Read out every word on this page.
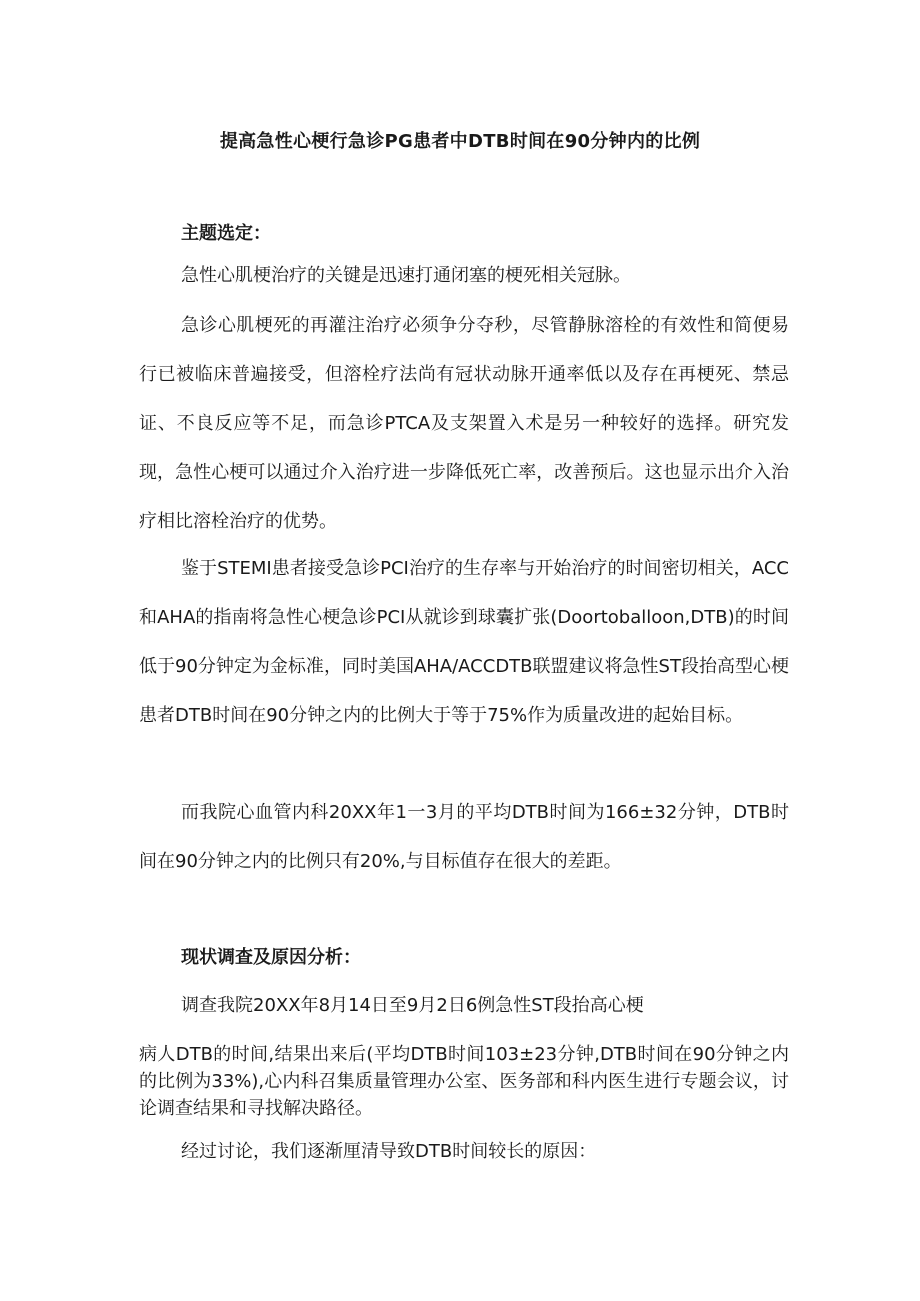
提高急性心梗行急诊PG患者中DTB时间在90分钟内的比例
主题选定：

急性心肌梗治疗的关键是迅速打通闭塞的梗死相关冠脉。

急诊心肌梗死的再灌注治疗必须争分夺秒，尽管静脉溶栓的有效性和简便易行已被临床普遍接受，但溶栓疗法尚有冠状动脉开通率低以及存在再梗死、禁忌证、不良反应等不足，而急诊PTCA及支架置入术是另一种较好的选择。研究发现，急性心梗可以通过介入治疗进一步降低死亡率，改善预后。这也显示出介入治疗相比溶栓治疗的优势。

鉴于STEMI患者接受急诊PCI治疗的生存率与开始治疗的时间密切相关，ACC和AHA的指南将急性心梗急诊PCI从就诊到球囊扩张(Doortoballoon,DTB)的时间低于90分钟定为金标准，同时美国AHA/ACCDTB联盟建议将急性ST段抬高型心梗患者DTB时间在90分钟之内的比例大于等于75%作为质量改进的起始目标。

而我院心血管内科20XX年1一3月的平均DTB时间为166±32分钟，DTB时间在90分钟之内的比例只有20%,与目标值存在很大的差距。

现状调查及原因分析：

调查我院20XX年8月14日至9月2日6例急性ST段抬高心梗

病人DTB的时间,结果出来后(平均DTB时间103±23分钟,DTB时间在90分钟之内的比例为33%),心内科召集质量管理办公室、医务部和科内医生进行专题会议，讨论调查结果和寻找解决路径。

经过讨论，我们逐渐厘清导致DTB时间较长的原因：
